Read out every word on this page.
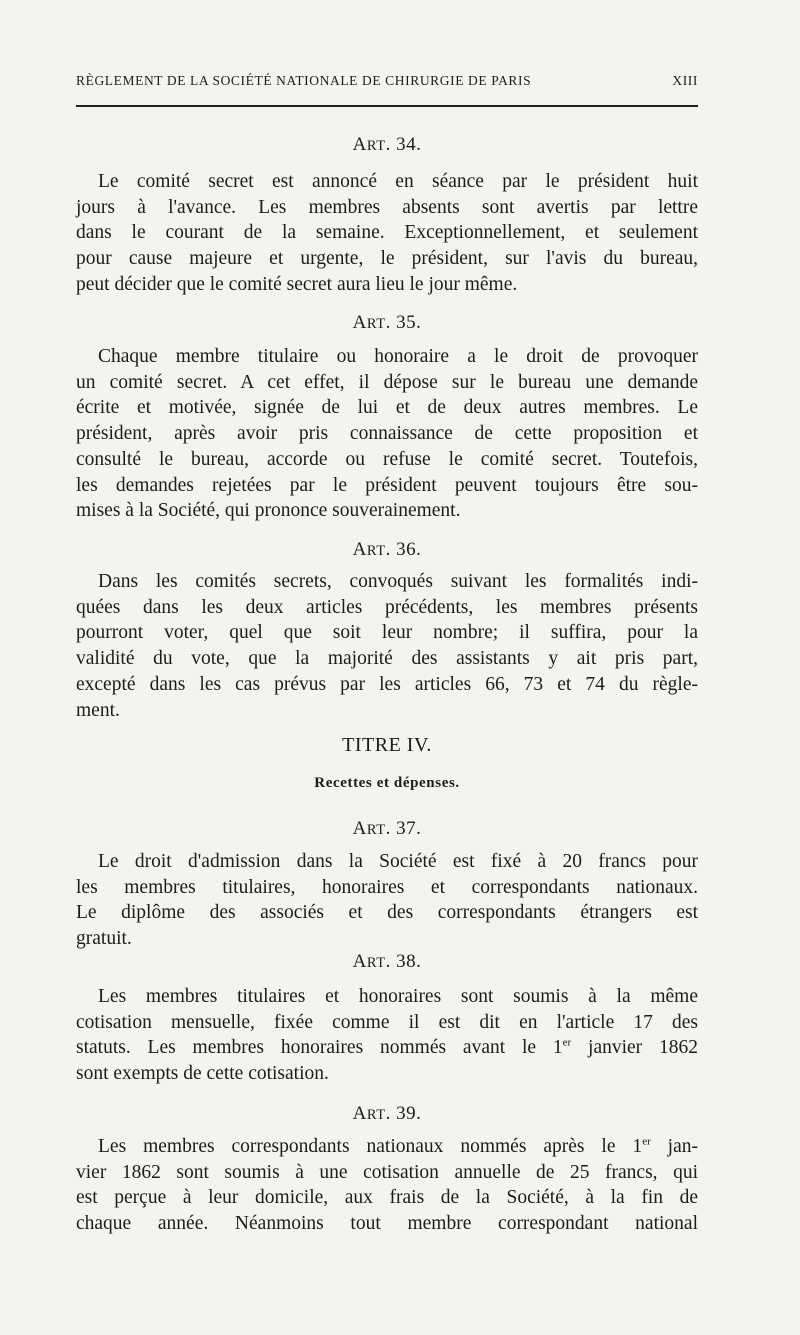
RÈGLEMENT DE LA SOCIÉTÉ NATIONALE DE CHIRURGIE DE PARIS	XIII
ART. 34.
Le comité secret est annoncé en séance par le président huit
jours à l'avance. Les membres absents sont avertis par lettre
dans le courant de la semaine. Exceptionnellement, et seulement
pour cause majeure et urgente, le président, sur l'avis du bureau,
peut décider que le comité secret aura lieu le jour même.
ART. 35.
Chaque membre titulaire ou honoraire a le droit de provoquer
un comité secret. A cet effet, il dépose sur le bureau une demande
écrite et motivée, signée de lui et de deux autres membres. Le
président, après avoir pris connaissance de cette proposition et
consulté le bureau, accorde ou refuse le comité secret. Toutefois,
les demandes rejetées par le président peuvent toujours être sou-
mises à la Société, qui prononce souverainement.
ART. 36.
Dans les comités secrets, convoqués suivant les formalités indi-
quées dans les deux articles précédents, les membres présents
pourront voter, quel que soit leur nombre; il suffira, pour la
validité du vote, que la majorité des assistants y ait pris part,
excepté dans les cas prévus par les articles 66, 73 et 74 du règle-
ment.
TITRE IV.
Recettes et dépenses.
ART. 37.
Le droit d'admission dans la Société est fixé à 20 francs pour
les membres titulaires, honoraires et correspondants nationaux.
Le diplôme des associés et des correspondants étrangers est
gratuit.
ART. 38.
Les membres titulaires et honoraires sont soumis à la même
cotisation mensuelle, fixée comme il est dit en l'article 17 des
statuts. Les membres honoraires nommés avant le 1er janvier 1862
sont exempts de cette cotisation.
ART. 39.
Les membres correspondants nationaux nommés après le 1er jan-
vier 1862 sont soumis à une cotisation annuelle de 25 francs, qui
est perçue à leur domicile, aux frais de la Société, à la fin de
chaque année. Néanmoins tout membre correspondant national
